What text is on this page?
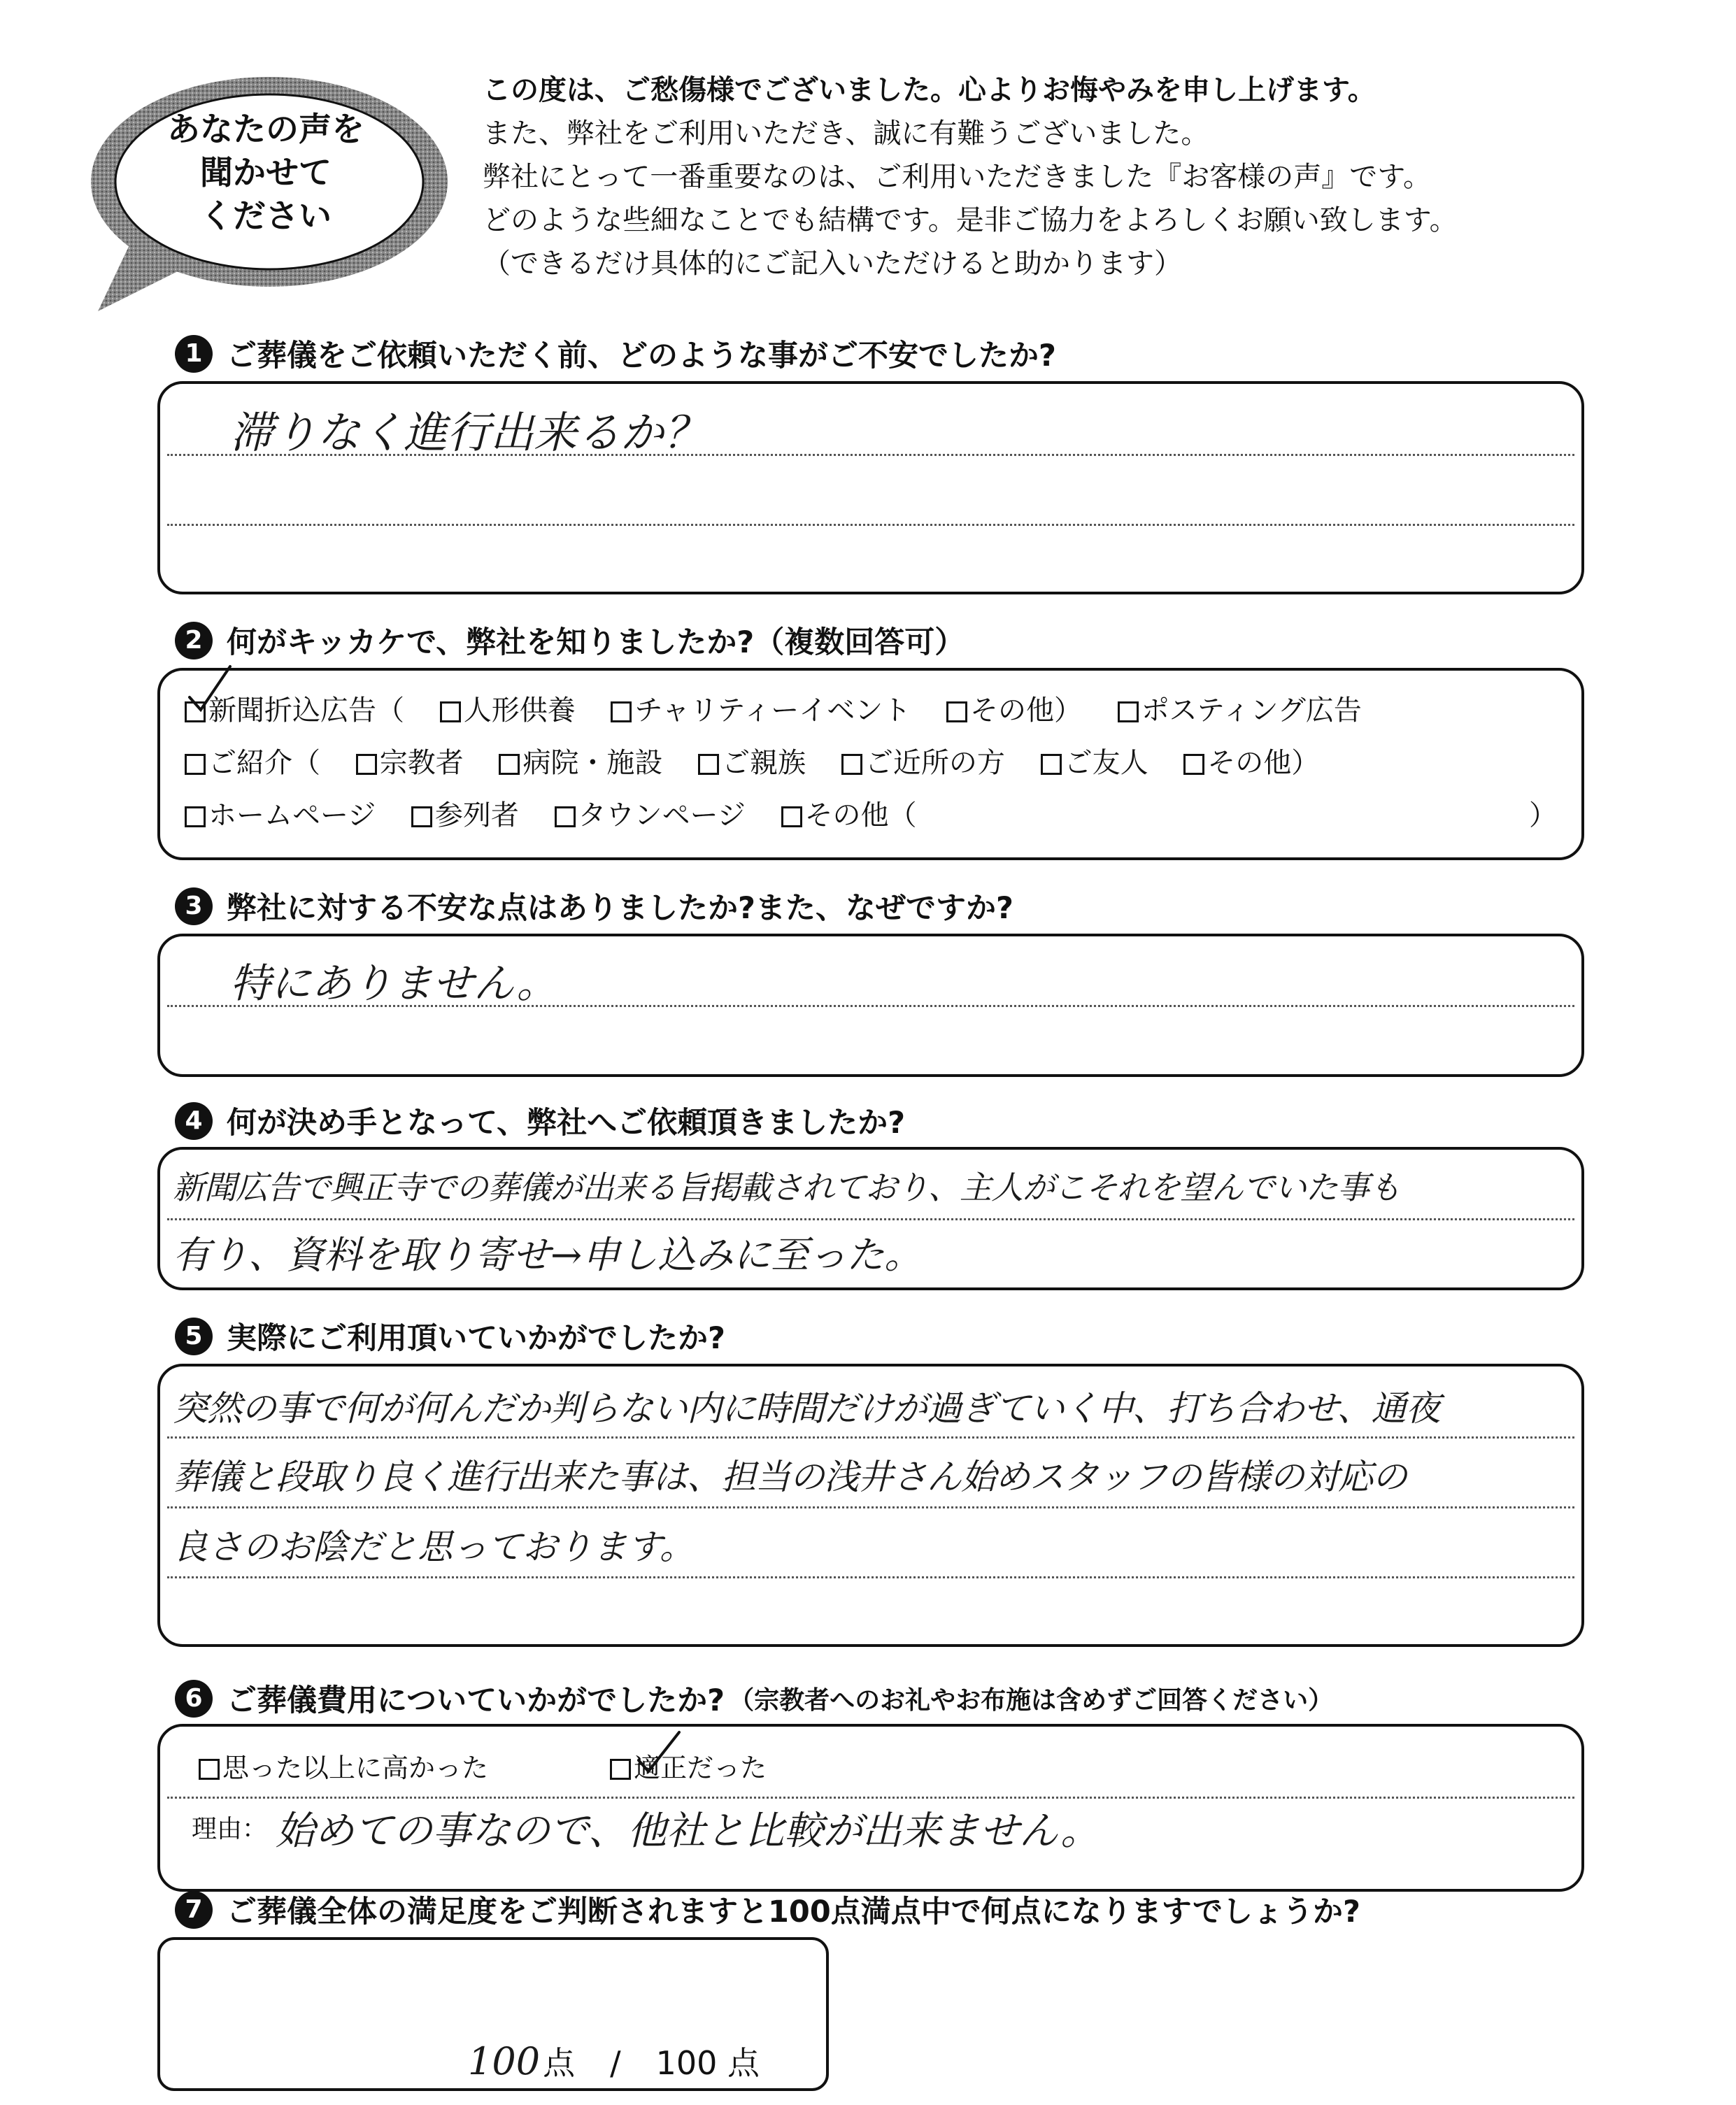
あなたの声を
聞かせて
ください
この度は、ご愁傷様でございました。心よりお悔やみを申し上げます。
また、弊社をご利用いただき、誠に有難うございました。
弊社にとって一番重要なのは、ご利用いただきました『お客様の声』です。
どのような些細なことでも結構です。是非ご協力をよろしくお願い致します。
（できるだけ具体的にご記入いただけると助かります）
1 ご葬儀をご依頼いただく前、どのような事がご不安でしたか?
滞りなく進行出来るか？
2 何がキッカケで、弊社を知りましたか?（複数回答可）
新聞折込広告（ 人形供養 チャリティーイベント その他） ポスティング広告
ご紹介（ 宗教者 病院・施設 ご親族 ご近所の方 ご友人 その他）
ホームページ 参列者 タウンページ その他（	）
3 弊社に対する不安な点はありましたか?また、なぜですか?
特にありません。
4 何が決め手となって、弊社へご依頼頂きましたか?
新聞広告で興正寺での葬儀が出来る旨掲載されており、主人がこそれを望んでいた事も
有り、資料を取り寄せ→申し込みに至った。
5 実際にご利用頂いていかがでしたか?
突然の事で何が何んだか判らない内に時間だけが過ぎていく中、打ち合わせ、通夜
葬儀と段取り良く進行出来た事は、担当の浅井さん始めスタッフの皆様の対応の
良さのお陰だと思っております。
6 ご葬儀費用についていかがでしたか? （宗教者へのお礼やお布施は含めずご回答ください）
思った以上に高かった	適正だった
理由： 始めての事なので、他社と比較が出来ません。
7 ご葬儀全体の満足度をご判断されますと100点満点中で何点になりますでしょうか?
100 点 / 100 点
